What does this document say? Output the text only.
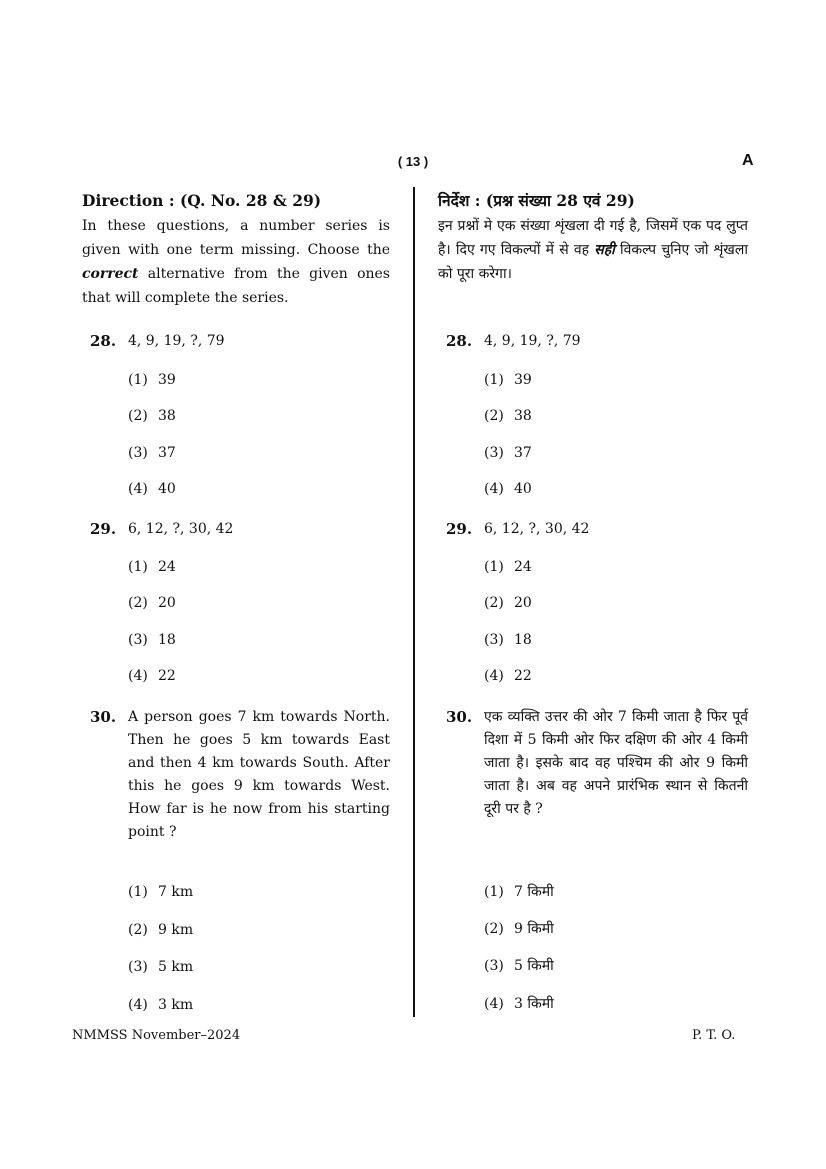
( 13 )	A

Direction : (Q. No. 28 & 29)

In these questions, a number series is given with one term missing. Choose the correct alternative from the given ones that will complete the series.

28. 4, 9, 19, ?, 79
(1) 39
(2) 38
(3) 37
(4) 40
29. 6, 12, ?, 30, 42
(1) 24
(2) 20
(3) 18
(4) 22
30. A person goes 7 km towards North. Then he goes 5 km towards East and then 4 km towards South. After this he goes 9 km towards West. How far is he now from his starting point ?
(1) 7 km
(2) 9 km
(3) 5 km
(4) 3 km

निर्देश : (प्रश्न संख्या 28 एवं 29)

इन प्रश्नों मे एक संख्या शृंखला दी गई है, जिसमें एक पद लुप्त है। दिए गए विकल्पों में से वह सही विकल्प चुनिए जो शृंखला को पूरा करेगा।

28. 4, 9, 19, ?, 79
(1) 39
(2) 38
(3) 37
(4) 40
29. 6, 12, ?, 30, 42
(1) 24
(2) 20
(3) 18
(4) 22
30. एक व्यक्ति उत्तर की ओर 7 किमी जाता है फिर पूर्व दिशा में 5 किमी ओर फिर दक्षिण की ओर 4 किमी जाता है। इसके बाद वह पश्चिम की ओर 9 किमी जाता है। अब वह अपने प्रारंभिक स्थान से कितनी दूरी पर है ?
(1) 7 किमी
(2) 9 किमी
(3) 5 किमी
(4) 3 किमी
NMMSS November–2024	P. T. O.
